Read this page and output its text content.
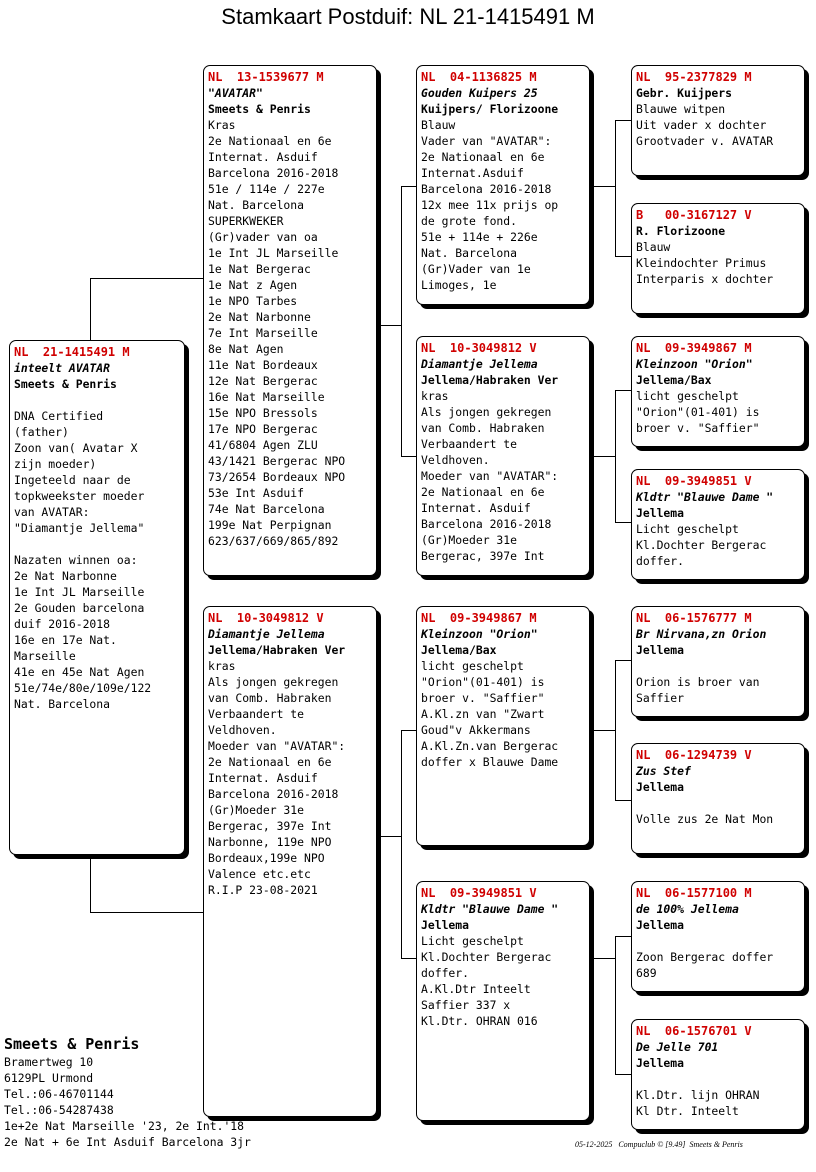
Stamkaart Postduif: NL 21-1415491 M
NL  21-1415491 M
inteelt AVATAR
Smeets & Penris
DNA Certified
(father)
Zoon van( Avatar X
zijn moeder)
Ingeteeld naar de
topkweekster moeder
van AVATAR:
"Diamantje Jellema"
Nazaten winnen oa:
2e Nat Narbonne
1e Int JL Marseille
2e Gouden barcelona
duif 2016-2018
16e en 17e Nat.
Marseille
41e en 45e Nat Agen
51e/74e/80e/109e/122
Nat. Barcelona
NL  13-1539677 M
"AVATAR"
Smeets & Penris
Kras
2e Nationaal en 6e
Internat. Asduif
Barcelona 2016-2018
51e / 114e / 227e
Nat. Barcelona
SUPERKWEKER
(Gr)vader van oa
1e Int JL Marseille
1e Nat Bergerac
1e Nat z Agen
1e NPO Tarbes
2e Nat Narbonne
7e Int Marseille
8e Nat Agen
11e Nat Bordeaux
12e Nat Bergerac
16e Nat Marseille
15e NPO Bressols
17e NPO Bergerac
41/6804 Agen ZLU
43/1421 Bergerac NPO
73/2654 Bordeaux NPO
53e Int Asduif
74e Nat Barcelona
199e Nat Perpignan
623/637/669/865/892
NL  10-3049812 V
Diamantje Jellema
Jellema/Habraken Ver
kras
Als jongen gekregen
van Comb. Habraken
Verbaandert te
Veldhoven.
Moeder van "AVATAR":
2e Nationaal en 6e
Internat. Asduif
Barcelona 2016-2018
(Gr)Moeder 31e
Bergerac, 397e Int
Narbonne, 119e NPO
Bordeaux,199e NPO
Valence etc.etc
R.I.P 23-08-2021
NL  04-1136825 M
Gouden Kuipers 25
Kuijpers/ Florizoone
Blauw
Vader van "AVATAR":
2e Nationaal en 6e
Internat.Asduif
Barcelona 2016-2018
12x mee 11x prijs op
de grote fond.
51e + 114e + 226e
Nat. Barcelona
(Gr)Vader van 1e
Limoges, 1e
NL  10-3049812 V
Diamantje Jellema
Jellema/Habraken Ver
kras
Als jongen gekregen
van Comb. Habraken
Verbaandert te
Veldhoven.
Moeder van "AVATAR":
2e Nationaal en 6e
Internat. Asduif
Barcelona 2016-2018
(Gr)Moeder 31e
Bergerac, 397e Int
NL  09-3949867 M
Kleinzoon "Orion"
Jellema/Bax
licht geschelpt
"Orion"(01-401) is
broer v. "Saffier"
A.Kl.zn van "Zwart
Goud"v Akkermans
A.Kl.Zn.van Bergerac
doffer x Blauwe Dame
NL  09-3949851 V
Kldtr "Blauwe Dame "
Jellema
Licht geschelpt
Kl.Dochter Bergerac
doffer.
A.Kl.Dtr Inteelt
Saffier 337 x
Kl.Dtr. OHRAN 016
NL  95-2377829 M
Gebr. Kuijpers
Blauwe witpen
Uit vader x dochter
Grootvader v. AVATAR
B   00-3167127 V
R. Florizoone
Blauw
Kleindochter Primus
Interparis x dochter
NL  09-3949867 M
Kleinzoon "Orion"
Jellema/Bax
licht geschelpt
"Orion"(01-401) is
broer v. "Saffier"
NL  09-3949851 V
Kldtr "Blauwe Dame "
Jellema
Licht geschelpt
Kl.Dochter Bergerac
doffer.
NL  06-1576777 M
Br Nirvana,zn Orion
Jellema
Orion is broer van
Saffier
NL  06-1294739 V
Zus Stef
Jellema
Volle zus 2e Nat Mon
NL  06-1577100 M
de 100% Jellema
Jellema
Zoon Bergerac doffer
689
NL  06-1576701 V
De Jelle 701
Jellema
Kl.Dtr. lijn OHRAN
Kl Dtr. Inteelt
Smeets & Penris
Bramertweg 10
6129PL Urmond
Tel.:06-46701144
Tel.:06-54287438
1e+2e Nat Marseille '23, 2e Int.'18
2e Nat + 6e Int Asduif Barcelona 3jr	05-12-2025   Compuclub © [9.49]  Smeets & Penris
